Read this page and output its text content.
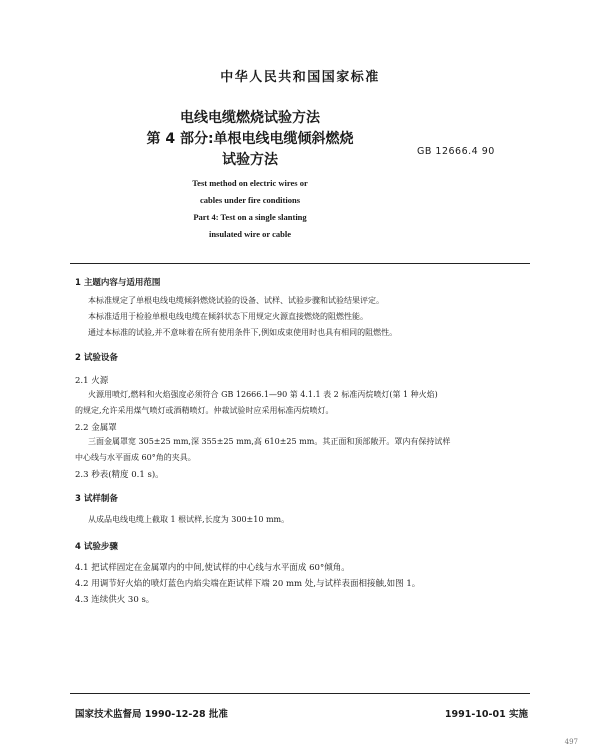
中华人民共和国国家标准
电线电缆燃烧试验方法
第 4 部分:单根电线电缆倾斜燃烧
试验方法
GB 12666.4 90
Test method on electric wires or
cables under fire conditions
Part 4: Test on a single slanting
insulated wire or cable
1 主题内容与适用范围
本标准规定了单根电线电缆倾斜燃烧试验的设备、试样、试验步骤和试验结果评定。
本标准适用于检验单根电线电缆在倾斜状态下用规定火源直接燃烧的阻燃性能。
通过本标准的试验,并不意味着在所有使用条件下,例如成束使用时也具有相同的阻燃性。
2 试验设备
2.1 火源
火源用喷灯,燃料和火焰强度必须符合 GB 12666.1—90 第 4.1.1 表 2 标准丙烷喷灯(第 1 种火焰)
的规定,允许采用煤气喷灯或酒精喷灯。仲裁试验时应采用标准丙烷喷灯。
2.2 金属罩
三面金属罩宽 305±25 mm,深 355±25 mm,高 610±25 mm。其正面和顶部敞开。罩内有保持试样
中心线与水平面成 60°角的夹具。
2.3 秒表(精度 0.1 s)。
3 试样制备
从成品电线电缆上截取 1 根试样,长度为 300±10 mm。
4 试验步骤
4.1 把试样固定在金属罩内的中间,使试样的中心线与水平面成 60°倾角。
4.2 用调节好火焰的喷灯蓝色内焰尖端在距试样下端 20 mm 处,与试样表面相接触,如图 1。
4.3 连续供火 30 s。
国家技术监督局 1990-12-28 批准	1991-10-01 实施
497
